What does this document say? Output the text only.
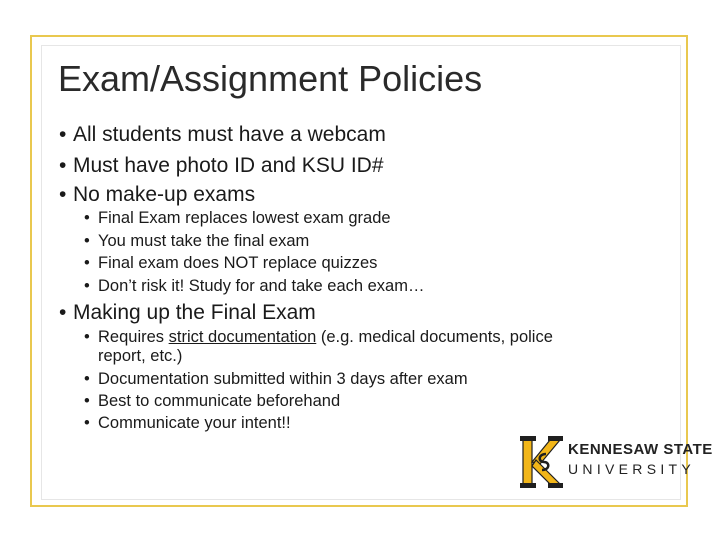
Exam/Assignment Policies
• All students must have a webcam
• Must have photo ID and KSU ID#
• No make-up exams
• Final Exam replaces lowest exam grade
• You must take the final exam
• Final exam does NOT replace quizzes
• Don’t risk it! Study for and take each exam…
• Making up the Final Exam
• Requires strict documentation (e.g. medical documents, police
report, etc.)
• Documentation submitted within 3 days after exam
• Best to communicate beforehand
• Communicate your intent!!
KENNESAW STATE
UNIVERSITY
